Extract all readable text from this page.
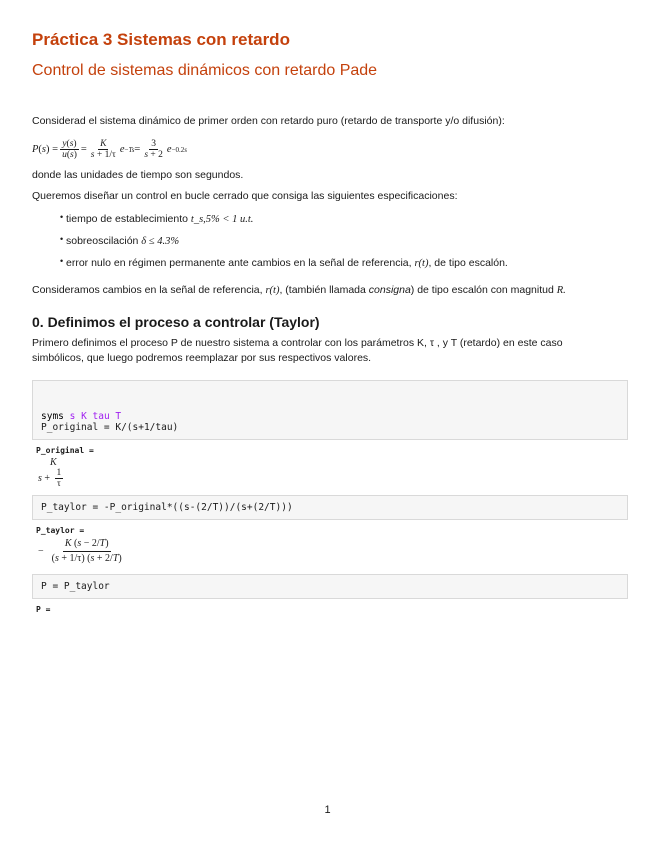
Práctica 3 Sistemas con retardo
Control de sistemas dinámicos con retardo Pade

Considerad el sistema dinámico de primer orden con retardo puro (retardo de transporte y/o difusión):

P ( s ) = $\frac{y(s)}{u(s)} = \frac{K}{s + 1/\tau}$ $e -Ts = \frac{3}{s + 2}$ e −0.2s

donde las unidades de tiempo son segundos.

Queremos diseñar un control en bucle cerrado que consiga las siguientes especificaciones:

• tiempo de establecimiento t_s,5% < 1 u.t.
• sobreoscilación δ ≤ 4.3%
• error nulo en régimen permanente ante cambios en la señal de referencia, r(t), de tipo escalón.

Consideramos cambios en la señal de referencia, r(t), (también llamada consigna) de tipo escalón con magnitud R.

0. Definimos el proceso a controlar (Taylor)

Primero definimos el proceso P de nuestro sistema a controlar con los parámetros K, τ , y T (retardo) en este caso simbólicos, que luego podremos reemplazar por sus respectivos valores.

syms s K tau T
P_original = K/(s+1/tau)
P_original =
K
$s + \frac{1}{\tau}$
P_taylor = -P_original*((s-(2/T))/(s+(2/T)))
P_taylor =
− $\frac{K (s - 2/T)}{(s + 1/\tau) (s + 2/T)}$
P = P_taylor
P =
1
